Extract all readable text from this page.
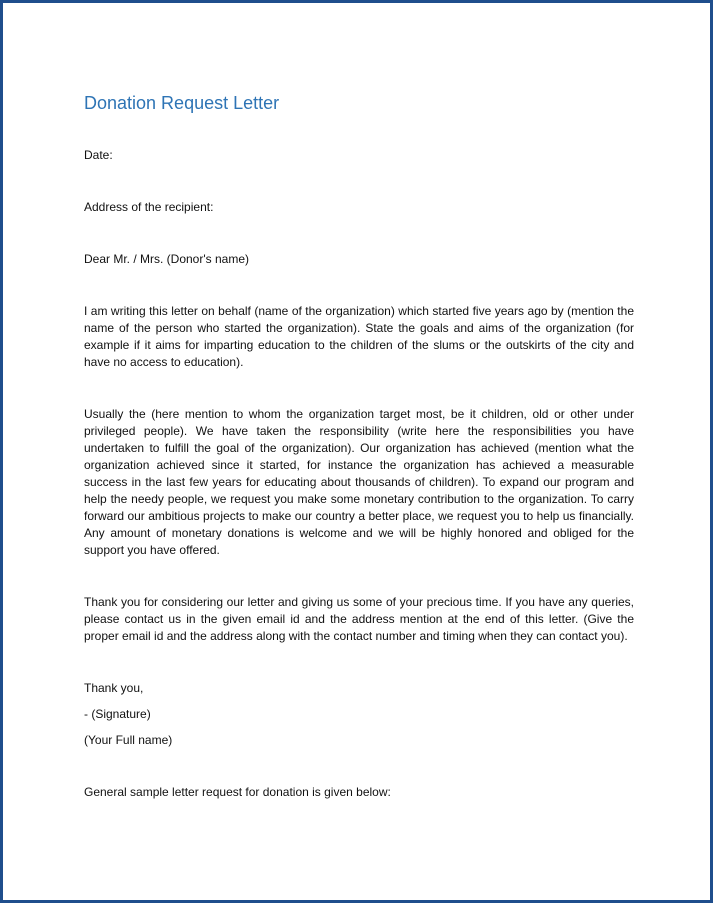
Donation Request Letter

Date:

Address of the recipient:

Dear Mr. / Mrs. (Donor's name)

I am writing this letter on behalf (name of the organization) which started five years ago by (mention the name of the person who started the organization). State the goals and aims of the organization (for example if it aims for imparting education to the children of the slums or the outskirts of the city and have no access to education).

Usually the (here mention to whom the organization target most, be it children, old or other under privileged people). We have taken the responsibility (write here the responsibilities you have undertaken to fulfill the goal of the organization). Our organization has achieved (mention what the organization achieved since it started, for instance the organization has achieved a measurable success in the last few years for educating about thousands of children). To expand our program and help the needy people, we request you make some monetary contribution to the organization. To carry forward our ambitious projects to make our country a better place, we request you to help us financially. Any amount of monetary donations is welcome and we will be highly honored and obliged for the support you have offered.

Thank you for considering our letter and giving us some of your precious time. If you have any queries, please contact us in the given email id and the address mention at the end of this letter. (Give the proper email id and the address along with the contact number and timing when they can contact you).

Thank you,

- (Signature)

(Your Full name)

General sample letter request for donation is given below:
